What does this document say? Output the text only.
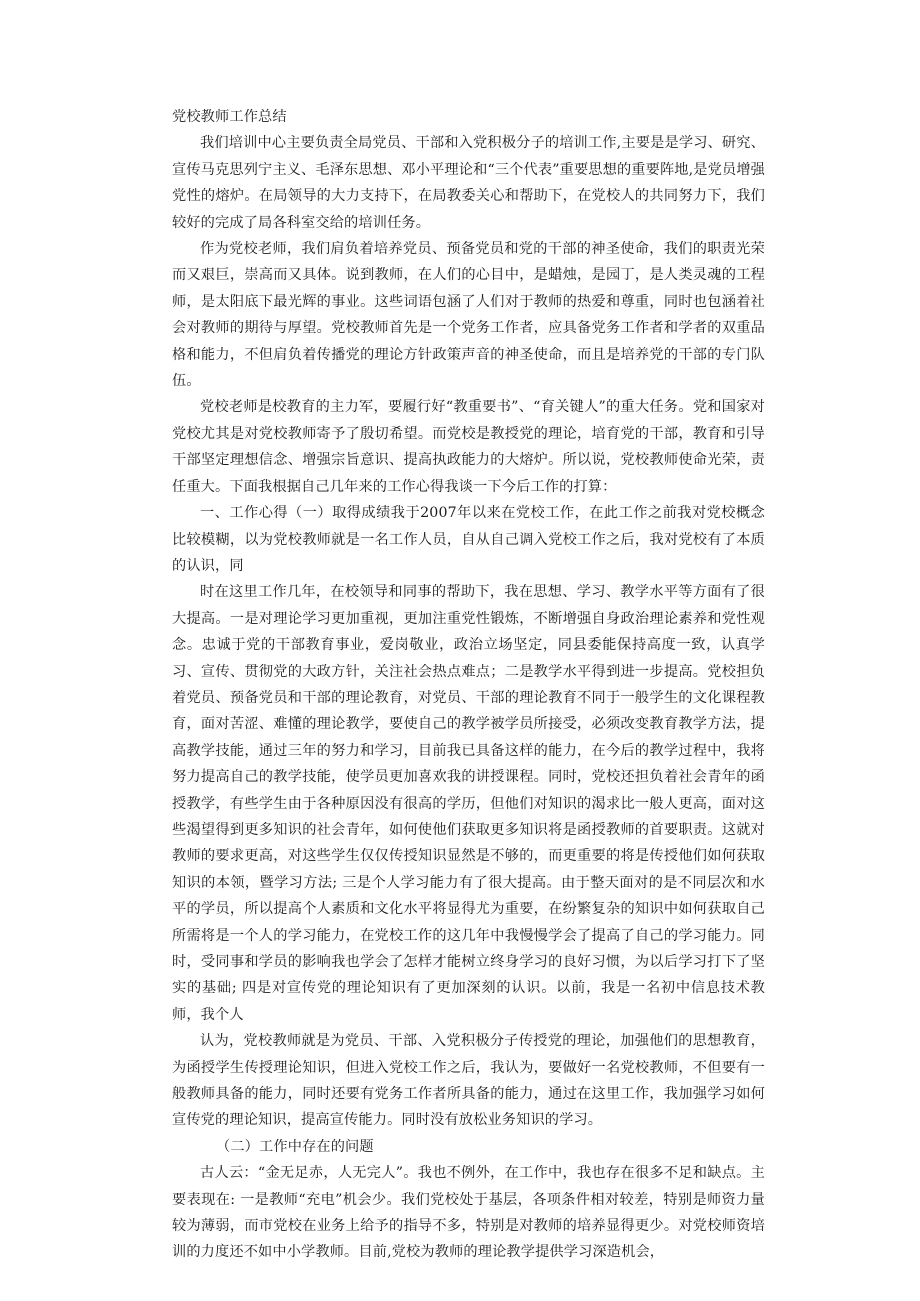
党校教师工作总结

我们培训中心主要负责全局党员、干部和入党积极分子的培训工作,主要是是学习、研究、宣传马克思列宁主义、毛泽东思想、邓小平理论和“三个代表”重要思想的重要阵地,是党员增强党性的熔炉。在局领导的大力支持下，在局教委关心和帮助下，在党校人的共同努力下，我们较好的完成了局各科室交给的培训任务。

作为党校老师，我们肩负着培养党员、预备党员和党的干部的神圣使命，我们的职责光荣而又艰巨，崇高而又具体。说到教师，在人们的心目中，是蜡烛，是园丁，是人类灵魂的工程师，是太阳底下最光辉的事业。这些词语包涵了人们对于教师的热爱和尊重，同时也包涵着社会对教师的期待与厚望。党校教师首先是一个党务工作者，应具备党务工作者和学者的双重品格和能力，不但肩负着传播党的理论方针政策声音的神圣使命，而且是培养党的干部的专门队伍。

党校老师是校教育的主力军，要履行好“教重要书”、“育关键人”的重大任务。党和国家对党校尤其是对党校教师寄予了殷切希望。而党校是教授党的理论，培育党的干部，教育和引导干部坚定理想信念、增强宗旨意识、提高执政能力的大熔炉。所以说，党校教师使命光荣，责任重大。下面我根据自己几年来的工作心得我谈一下今后工作的打算：

一、工作心得（一）取得成绩我于2007年以来在党校工作，在此工作之前我对党校概念比较模糊，以为党校教师就是一名工作人员，自从自己调入党校工作之后，我对党校有了本质的认识，同

时在这里工作几年，在校领导和同事的帮助下，我在思想、学习、教学水平等方面有了很大提高。一是对理论学习更加重视，更加注重党性锻炼，不断增强自身政治理论素养和党性观念。忠诚于党的干部教育事业，爱岗敬业，政治立场坚定，同县委能保持高度一致，认真学习、宣传、贯彻党的大政方针，关注社会热点难点；二是教学水平得到进一步提高。党校担负着党员、预备党员和干部的理论教育，对党员、干部的理论教育不同于一般学生的文化课程教育，面对苦涩、难懂的理论教学，要使自己的教学被学员所接受，必须改变教育教学方法，提高教学技能，通过三年的努力和学习，目前我已具备这样的能力，在今后的教学过程中，我将努力提高自己的教学技能，使学员更加喜欢我的讲授课程。同时，党校还担负着社会青年的函授教学，有些学生由于各种原因没有很高的学历，但他们对知识的渴求比一般人更高，面对这些渴望得到更多知识的社会青年，如何使他们获取更多知识将是函授教师的首要职责。这就对教师的要求更高，对这些学生仅仅传授知识显然是不够的，而更重要的将是传授他们如何获取知识的本领，暨学习方法; 三是个人学习能力有了很大提高。由于整天面对的是不同层次和水平的学员，所以提高个人素质和文化水平将显得尤为重要，在纷繁复杂的知识中如何获取自己所需将是一个人的学习能力，在党校工作的这几年中我慢慢学会了提高了自己的学习能力。同时，受同事和学员的影响我也学会了怎样才能树立终身学习的良好习惯，为以后学习打下了坚实的基础; 四是对宣传党的理论知识有了更加深刻的认识。以前，我是一名初中信息技术教师，我个人

认为，党校教师就是为党员、干部、入党积极分子传授党的理论，加强他们的思想教育，为函授学生传授理论知识，但进入党校工作之后，我认为，要做好一名党校教师，不但要有一般教师具备的能力，同时还要有党务工作者所具备的能力，通过在这里工作，我加强学习如何宣传党的理论知识，提高宣传能力。同时没有放松业务知识的学习。

（二）工作中存在的问题

古人云：“金无足赤，人无完人”。我也不例外，在工作中，我也存在很多不足和缺点。主要表现在: 一是教师“充电”机会少。我们党校处于基层，各项条件相对较差，特别是师资力量较为薄弱，而市党校在业务上给予的指导不多，特别是对教师的培养显得更少。对党校师资培训的力度还不如中小学教师。目前,党校为教师的理论教学提供学习深造机会，
